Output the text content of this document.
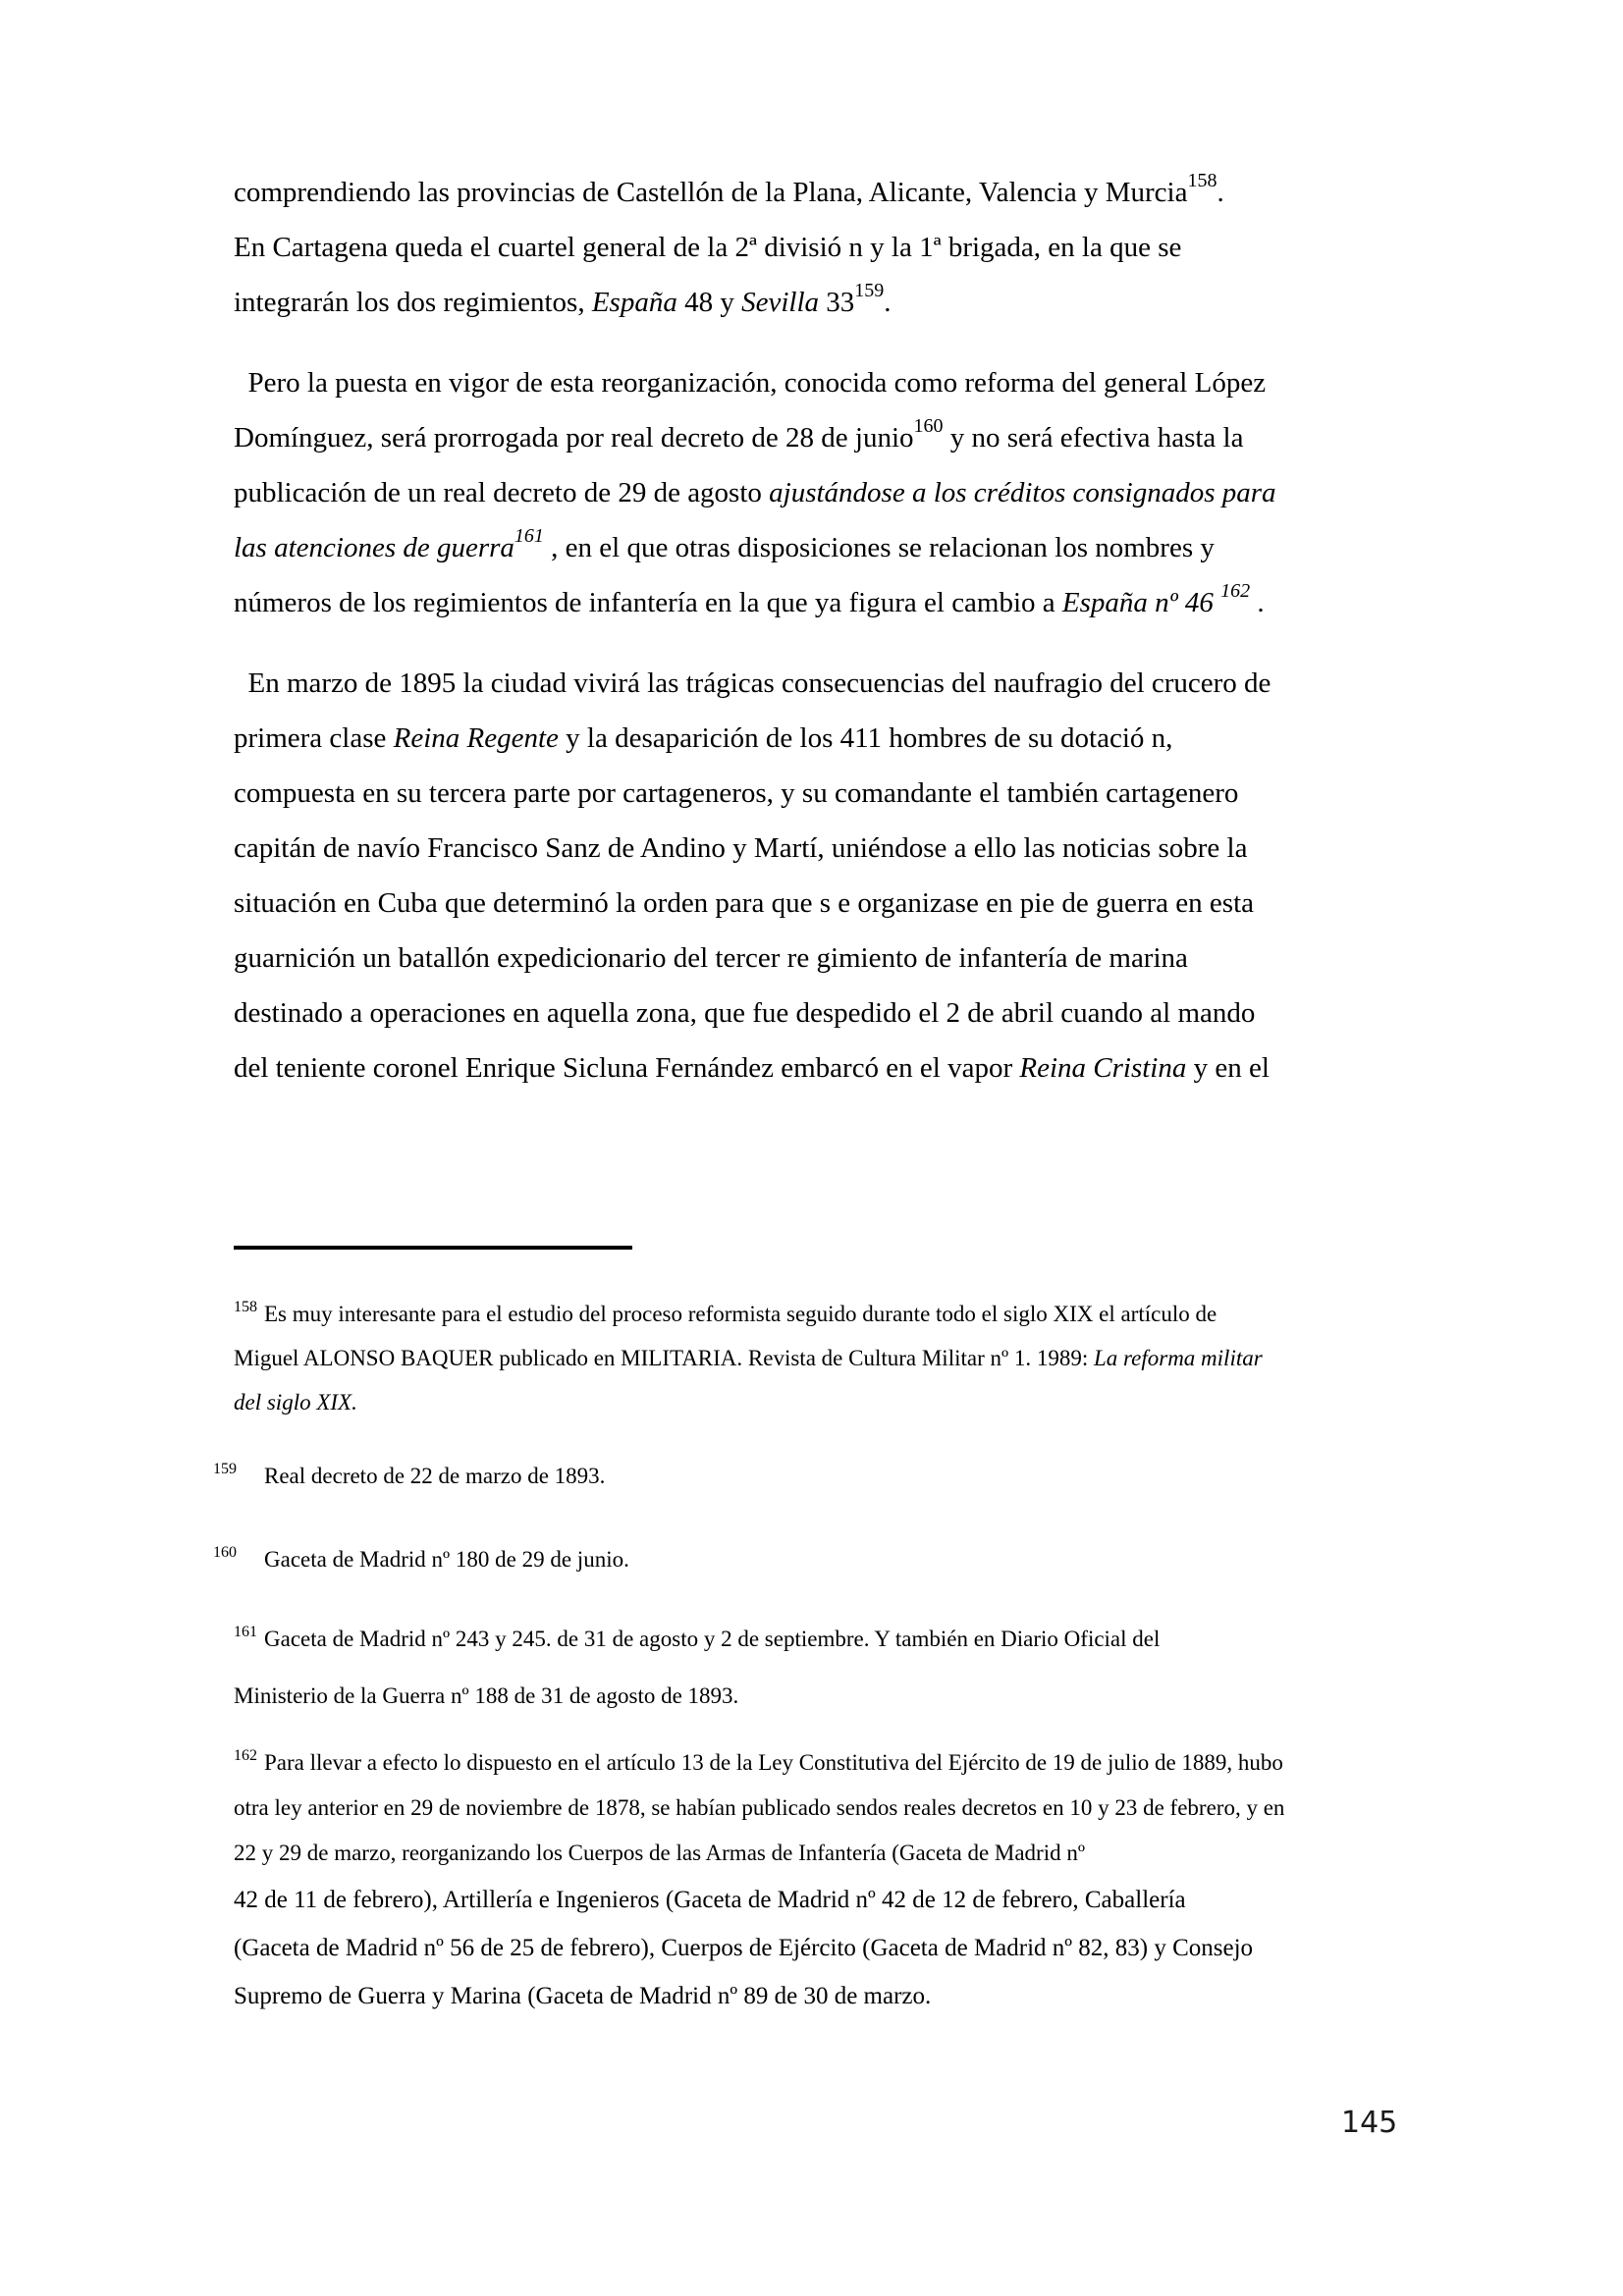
comprendiendo las provincias de Castellón de la Plana, Alicante, Valencia y Murcia$^{158}$.
En Cartagena queda el cuartel general de la 2ª divisió n y la 1ª brigada, en la que se
integrarán los dos regimientos, España 48 y Sevilla $33^{159}$.
Pero la puesta en vigor de esta reorganización, conocida como reforma del general López
Domínguez, será prorrogada por real decreto de 28 de junio$^{160}$ y no será efectiva hasta la
publicación de un real decreto de 29 de agosto ajustándose a los créditos consignados para
las atenciones de guerra$^{161}$ , en el que otras disposiciones se relacionan los nombres y
números de los regimientos de infantería en la que ya figura el cambio a España nº 46 $^{162}$ .
En marzo de 1895 la ciudad vivirá las trágicas consecuencias del naufragio del crucero de
primera clase Reina Regente y la desaparición de los 411 hombres de su dotació n,
compuesta en su tercera parte por cartageneros, y su comandante el también cartagenero
capitán de navío Francisco Sanz de Andino y Martí, uniéndose a ello las noticias sobre la
situación en Cuba que determinó la orden para que s e organizase en pie de guerra en esta
guarnición un batallón expedicionario del tercer re gimiento de infantería de marina
destinado a operaciones en aquella zona, que fue despedido el 2 de abril cuando al mando
del teniente coronel Enrique Sicluna Fernández embarcó en el vapor Reina Cristina y en el
$^{158}$ Es muy interesante para el estudio del proceso reformista seguido durante todo el siglo XIX el artículo de
Miguel ALONSO BAQUER publicado en MILITARIA. Revista de Cultura Militar nº 1. 1989: La reforma militar
del siglo XIX.
$^{159}$ Real decreto de 22 de marzo de 1893.
$^{160}$ Gaceta de Madrid nº 180 de 29 de junio.
$^{161}$ Gaceta de Madrid nº 243 y 245. de 31 de agosto y 2 de septiembre. Y también en Diario Oficial del
Ministerio de la Guerra nº 188 de 31 de agosto de 1893.
$^{162}$ Para llevar a efecto lo dispuesto en el artículo 13 de la Ley Constitutiva del Ejército de 19 de julio de 1889, hubo
otra ley anterior en 29 de noviembre de 1878, se habían publicado sendos reales decretos en 10 y 23 de febrero, y en
22 y 29 de marzo, reorganizando los Cuerpos de las Armas de Infantería (Gaceta de Madrid nº
42 de 11 de febrero), Artillería e Ingenieros (Gaceta de Madrid nº 42 de 12 de febrero, Caballería
(Gaceta de Madrid nº 56 de 25 de febrero), Cuerpos de Ejército (Gaceta de Madrid nº 82, 83) y Consejo
Supremo de Guerra y Marina (Gaceta de Madrid nº 89 de 30 de marzo.
145
